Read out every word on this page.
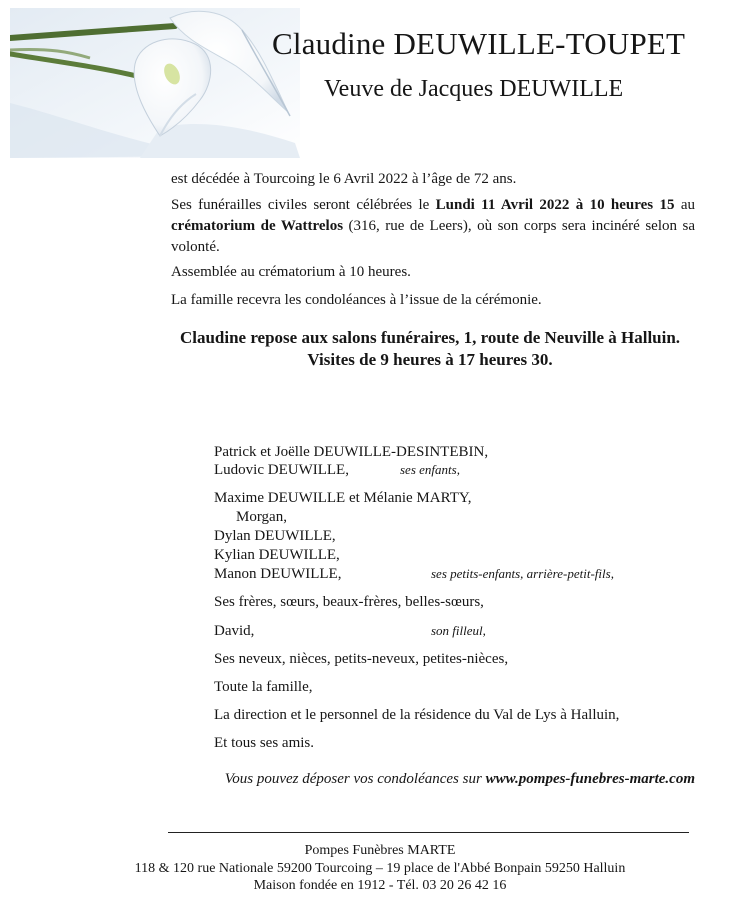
Claudine DEUWILLE-TOUPET
Veuve de Jacques DEUWILLE

est décédée à Tourcoing le 6 Avril 2022 à l’âge de 72 ans.

Ses funérailles civiles seront célébrées le Lundi 11 Avril 2022 à 10 heures 15 au crématorium de Wattrelos (316, rue de Leers), où son corps sera incinéré selon sa volonté.

Assemblée au crématorium à 10 heures.

La famille recevra les condoléances à l’issue de la cérémonie.

Claudine repose aux salons funéraires, 1, route de Neuville à Halluin.

Visites de 9 heures à 17 heures 30.

Patrick et Joëlle DEUWILLE-DESINTEBIN,

Ludovic DEUWILLE,	ses enfants,

Maxime DEUWILLE et Mélanie MARTY,

Morgan,

Dylan DEUWILLE,

Kylian DEUWILLE,

Manon DEUWILLE,	ses petits-enfants, arrière-petit-fils,

Ses frères, sœurs, beaux-frères, belles-sœurs,

David,	son filleul,

Ses neveux, nièces, petits-neveux, petites-nièces,

Toute la famille,

La direction et le personnel de la résidence du Val de Lys à Halluin,

Et tous ses amis.

Vous pouvez déposer vos condoléances sur www.pompes-funebres-marte.com

Pompes Funèbres MARTE

118 & 120 rue Nationale 59200 Tourcoing – 19 place de l'Abbé Bonpain 59250 Halluin

Maison fondée en 1912 - Tél. 03 20 26 42 16
